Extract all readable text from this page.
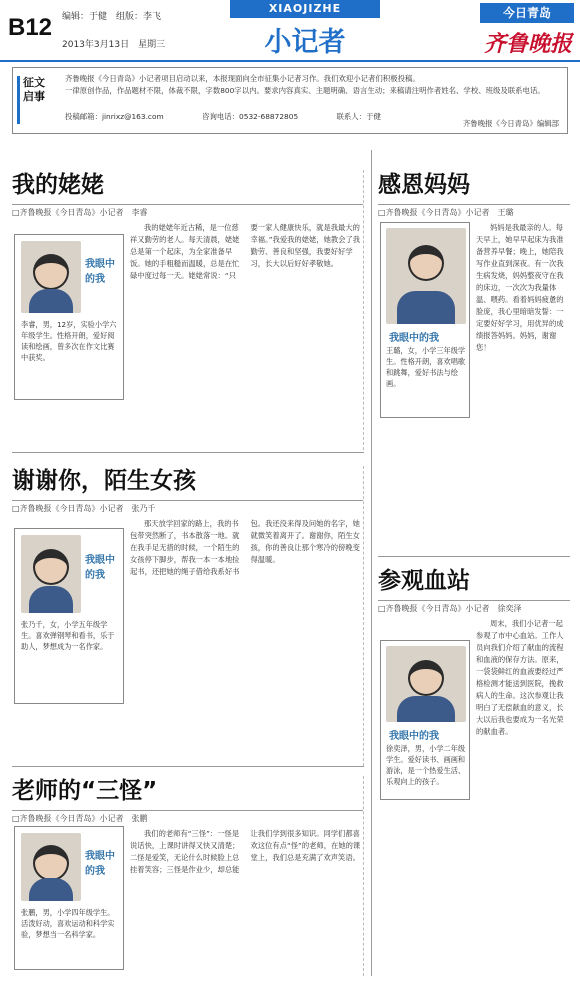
B12 编辑：于健　组版：李飞
2013年3月13日　星期三
XIAOJIZHE
小记者
今日青岛
齐鲁晚报
征文
启事

齐鲁晚报《今日青岛》小记者项目启动以来，本报现面向全市征集小记者习作。我们欢迎小记者们积极投稿。

一律原创作品，作品题材不限，体裁不限，字数800字以内。要求内容真实、主题明确、语言生动；来稿请注明作者姓名、学校、班级及联系电话。

投稿邮箱：jinrixz@163.com	咨询电话：0532-68872805	联系人：于健
齐鲁晚报《今日青岛》编辑部
我的姥姥
□齐鲁晚报《今日青岛》小记者　李睿
我的姥姥年近古稀，是一位慈祥又勤劳的老人。每天清晨，姥姥总是第一个起床，为全家准备早饭。她的手粗糙而温暖，总是在忙碌中度过每一天。姥姥常说：“只要一家人健康快乐，就是我最大的幸福。”我爱我的姥姥，她教会了我勤劳、善良和坚强，我要好好学习，长大以后好好孝敬她。
我眼中的我
李睿，男，12岁，实验小学六年级学生。性格开朗，爱好阅读和绘画，曾多次在作文比赛中获奖。
谢谢你，陌生女孩
□齐鲁晚报《今日青岛》小记者　张乃千
那天放学回家的路上，我的书包带突然断了，书本散落一地。就在我手足无措的时候，一个陌生的女孩停下脚步，帮我一本一本地捡起书，还把她的绳子借给我系好书包。我还没来得及问她的名字，她就微笑着离开了。谢谢你，陌生女孩，你的善良让那个寒冷的傍晚变得温暖。
我眼中的我
张乃千，女，小学五年级学生。喜欢弹钢琴和看书，乐于助人，梦想成为一名作家。
老师的“三怪”
□齐鲁晚报《今日青岛》小记者　张鹏
我们的老师有“三怪”：一怪是说话快，上课时讲得又快又清楚；二怪是爱笑，无论什么时候脸上总挂着笑容；三怪是作业少，却总能让我们学到很多知识。同学们都喜欢这位有点“怪”的老师，在她的课堂上，我们总是充满了欢声笑语。
我眼中的我
张鹏，男，小学四年级学生。活泼好动，喜欢运动和科学实验，梦想当一名科学家。
感恩妈妈
□齐鲁晚报《今日青岛》小记者　王璐
妈妈是我最亲的人。每天早上，她早早起床为我准备营养早餐；晚上，她陪我写作业直到深夜。有一次我生病发烧，妈妈整夜守在我的床边，一次次为我量体温、喂药。看着妈妈疲惫的脸庞，我心里暗暗发誓：一定要好好学习，用优异的成绩报答妈妈。妈妈，谢谢您！
我眼中的我
王璐，女，小学三年级学生。性格开朗，喜欢唱歌和跳舞，爱好书法与绘画。
参观血站
□齐鲁晚报《今日青岛》小记者　徐奕泽
周末，我们小记者一起参观了市中心血站。工作人员向我们介绍了献血的流程和血液的保存方法。原来，一袋袋鲜红的血液要经过严格检测才能送到医院，挽救病人的生命。这次参观让我明白了无偿献血的意义，长大以后我也要成为一名光荣的献血者。
我眼中的我
徐奕泽，男，小学二年级学生。爱好读书、画画和游泳，是一个热爱生活、乐观向上的孩子。
